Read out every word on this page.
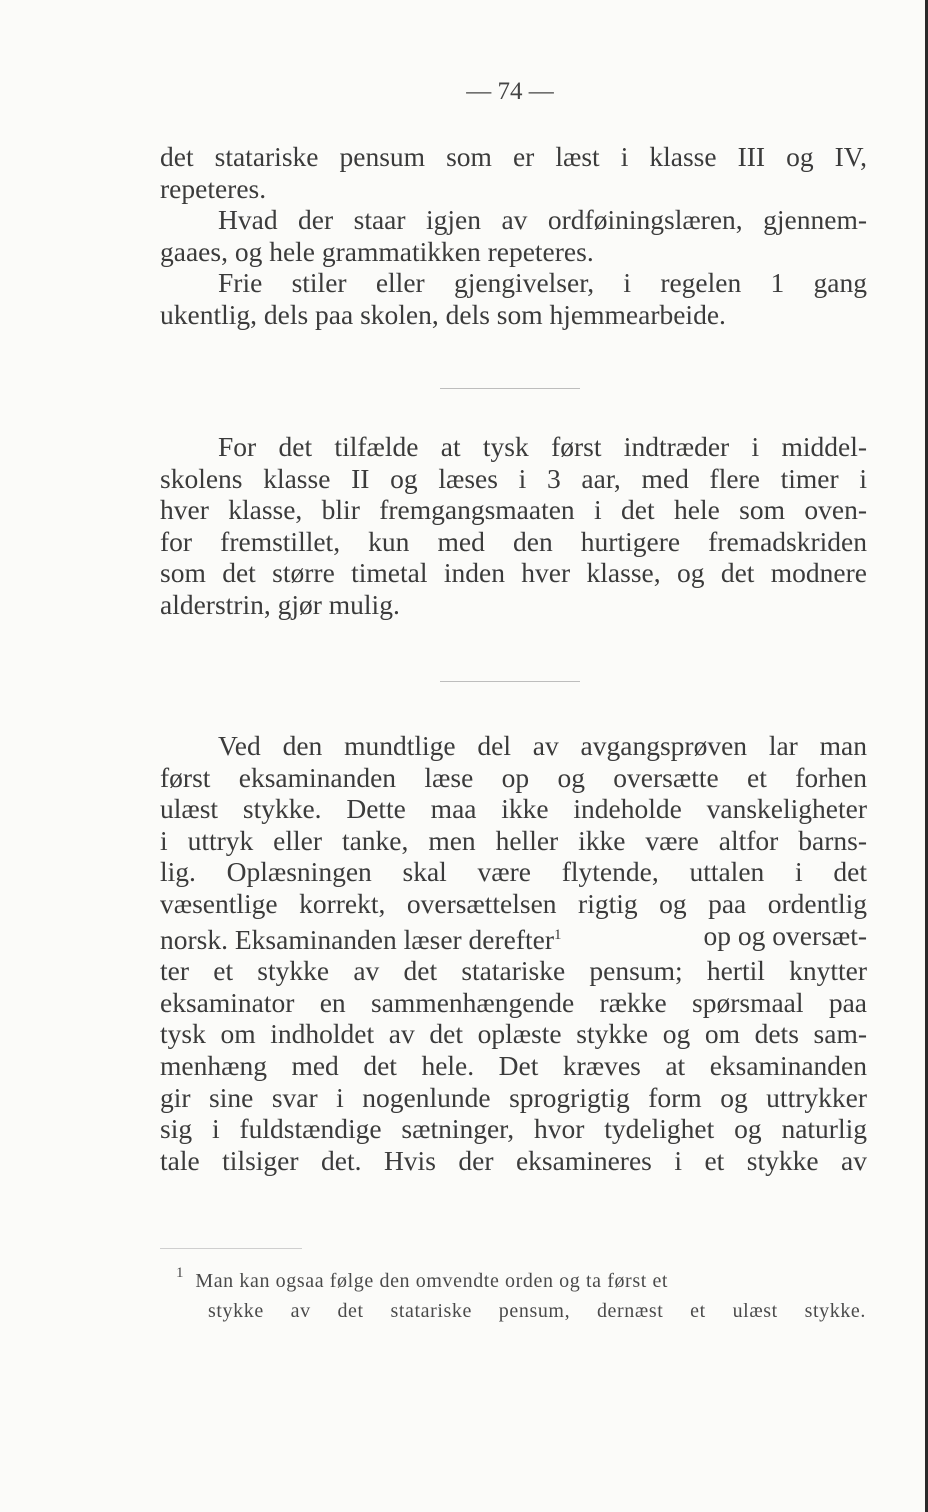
— 74 —
det statariske pensum som er læst i klasse III og IV,
repeteres.
Hvad der staar igjen av ordføiningslæren, gjennem-
gaaes, og hele grammatikken repeteres.
Frie stiler eller gjengivelser, i regelen 1 gang
ukentlig, dels paa skolen, dels som hjemmearbeide.
For det tilfælde at tysk først indtræder i middel-
skolens klasse II og læses i 3 aar, med flere timer i
hver klasse, blir fremgangsmaaten i det hele som oven-
for fremstillet, kun med den hurtigere fremadskriden
som det større timetal inden hver klasse, og det modnere
alderstrin, gjør mulig.
Ved den mundtlige del av avgangsprøven lar man
først eksaminanden læse op og oversætte et forhen
ulæst stykke. Dette maa ikke indeholde vanskeligheter
i uttryk eller tanke, men heller ikke være altfor barns-
lig. Oplæsningen skal være flytende, uttalen i det
væsentlige korrekt, oversættelsen rigtig og paa ordentlig
norsk. Eksaminanden læser derefter$^1$	op og oversæt-
ter et stykke av det statariske pensum; hertil knytter
eksaminator en sammenhængende række spørsmaal paa
tysk om indholdet av det oplæste stykke og om dets sam-
menhæng med det hele. Det kræves at eksaminanden
gir sine svar i nogenlunde sprogrigtig form og uttrykker
sig i fuldstændige sætninger, hvor tydelighet og naturlig
tale tilsiger det. Hvis der eksamineres i et stykke av
$^1$ Man kan ogsaa følge den omvendte orden og ta først et
stykke av det statariske pensum, dernæst et ulæst stykke.
